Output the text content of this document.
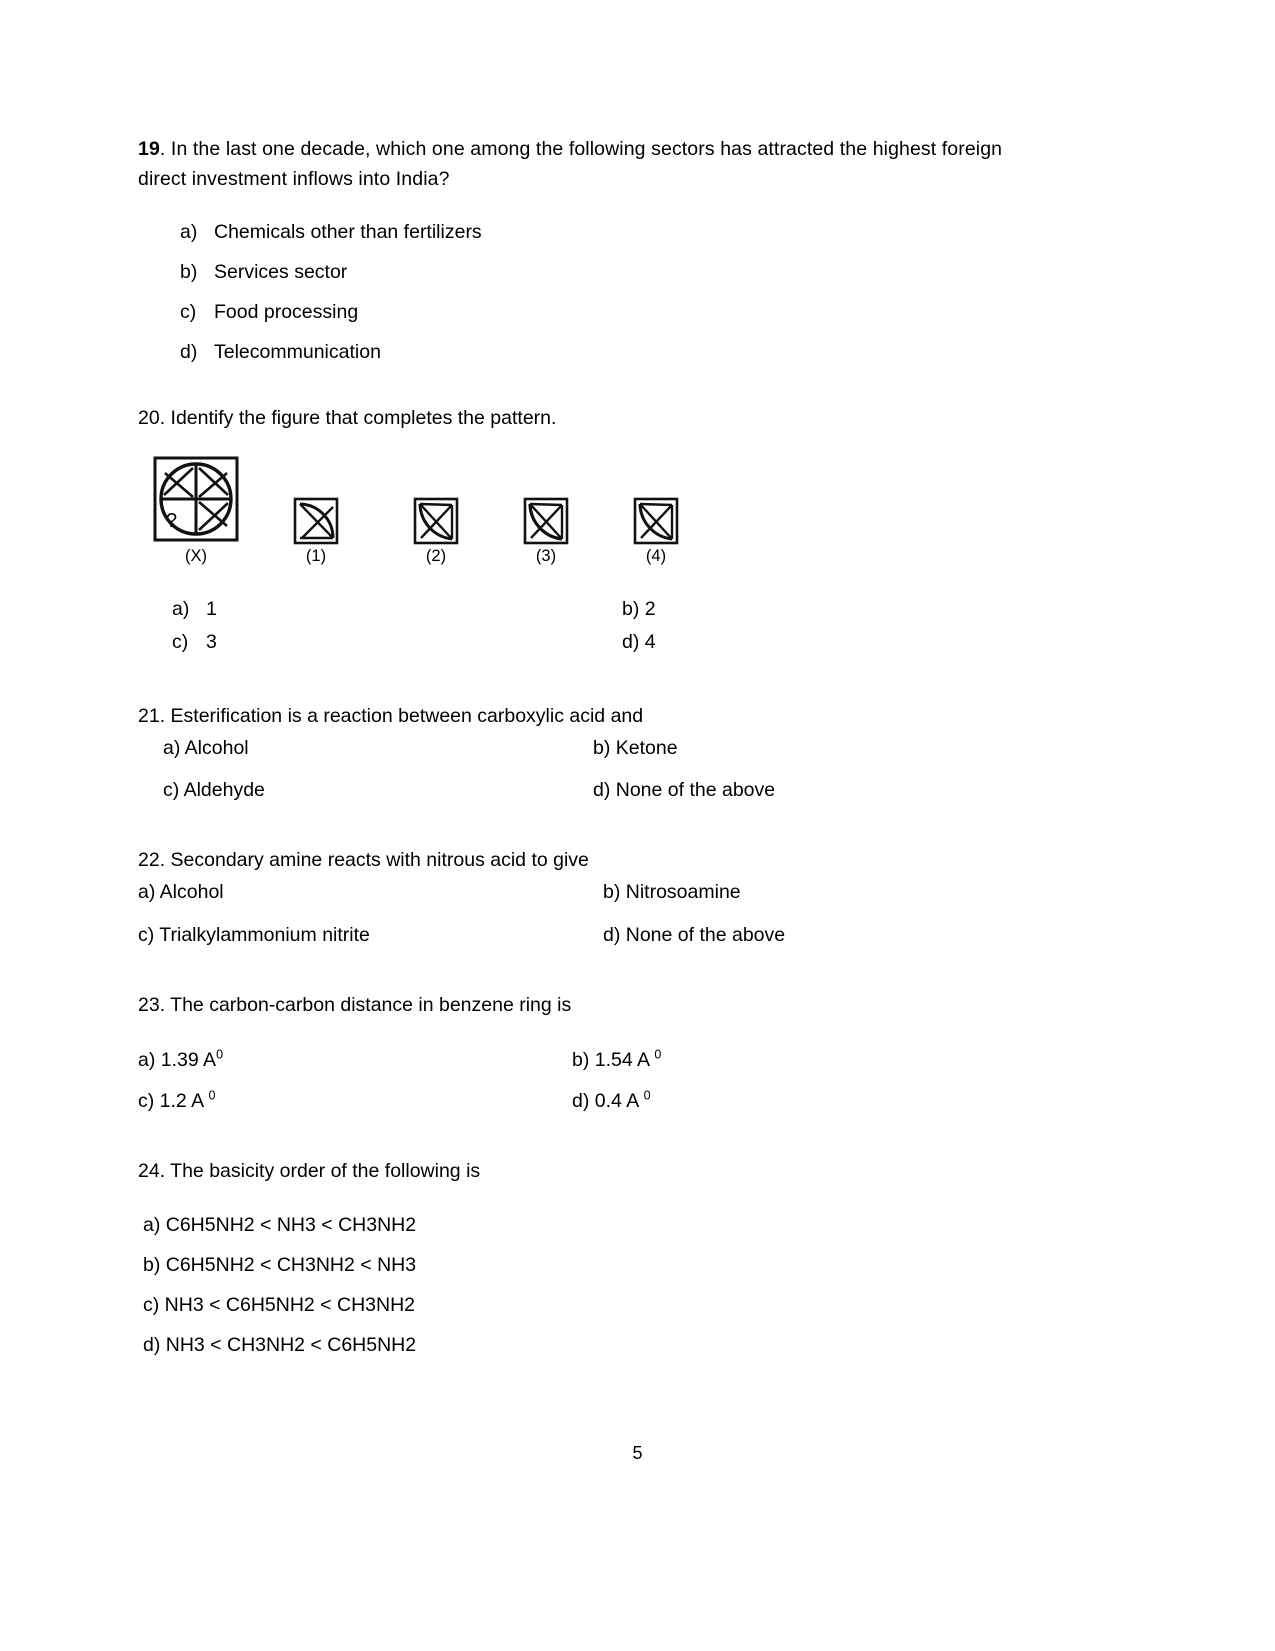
19. In the last one decade, which one among the following sectors has attracted the highest foreign direct investment inflows into India?
a) Chemicals other than fertilizers
b) Services sector
c) Food processing
d) Telecommunication
20. Identify the figure that completes the pattern.
?
(X)	(1)	(2)	(3)	(4)
a) 1	b) 2
c) 3	d) 4
21. Esterification is a reaction between carboxylic acid and
a) Alcohol	b) Ketone
c) Aldehyde	d) None of the above
22. Secondary amine reacts with nitrous acid to give
a) Alcohol	b) Nitrosoamine
c) Trialkylammonium nitrite	d) None of the above
23. The carbon-carbon distance in benzene ring is
a) 1.39 $A^0$	b) 1.54 A $^0$
c) 1.2 A $^0$	d) 0.4 A $^0$
24. The basicity order of the following is
a) C6H5NH2 < NH3 < CH3NH2
b) C6H5NH2 < CH3NH2 < NH3
c) NH3 < C6H5NH2 < CH3NH2
d) NH3 < CH3NH2 < C6H5NH2
5
